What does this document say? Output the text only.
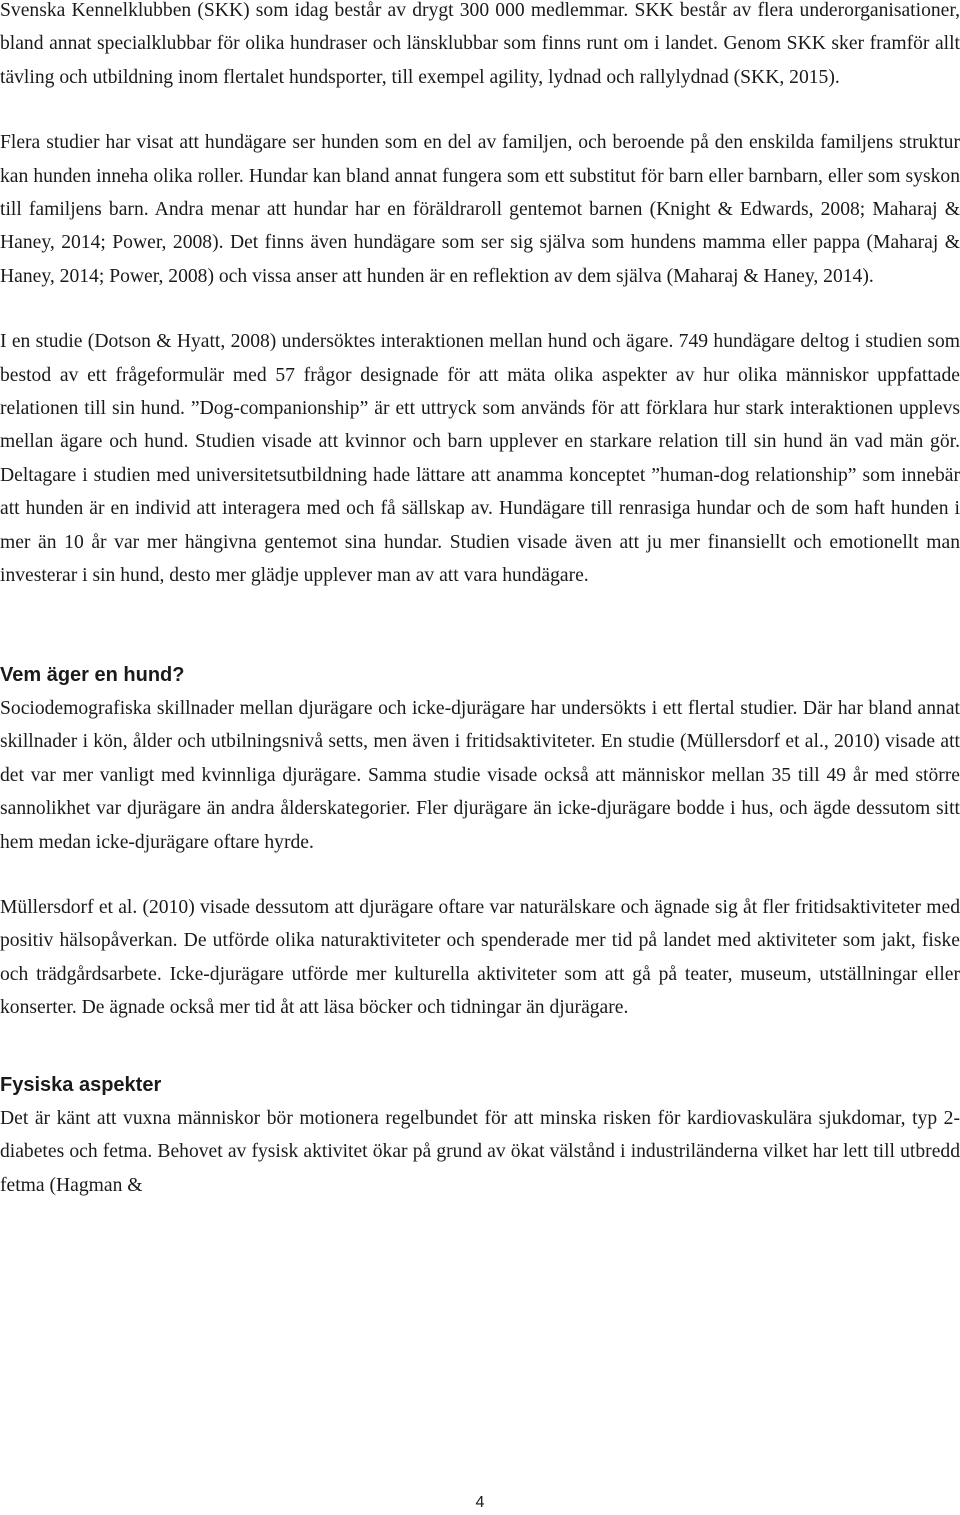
Svenska Kennelklubben (SKK) som idag består av drygt 300 000 medlemmar. SKK består av flera underorganisationer, bland annat specialklubbar för olika hundraser och länsklubbar som finns runt om i landet. Genom SKK sker framför allt tävling och utbildning inom flertalet hundsporter, till exempel agility, lydnad och rallylydnad (SKK, 2015).

Flera studier har visat att hundägare ser hunden som en del av familjen, och beroende på den enskilda familjens struktur kan hunden inneha olika roller. Hundar kan bland annat fungera som ett substitut för barn eller barnbarn, eller som syskon till familjens barn. Andra menar att hundar har en föräldraroll gentemot barnen (Knight & Edwards, 2008; Maharaj & Haney, 2014; Power, 2008). Det finns även hundägare som ser sig själva som hundens mamma eller pappa (Maharaj & Haney, 2014; Power, 2008) och vissa anser att hunden är en reflektion av dem själva (Maharaj & Haney, 2014).

I en studie (Dotson & Hyatt, 2008) undersöktes interaktionen mellan hund och ägare. 749 hundägare deltog i studien som bestod av ett frågeformulär med 57 frågor designade för att mäta olika aspekter av hur olika människor uppfattade relationen till sin hund. ”Dog-companionship” är ett uttryck som används för att förklara hur stark interaktionen upplevs mellan ägare och hund. Studien visade att kvinnor och barn upplever en starkare relation till sin hund än vad män gör. Deltagare i studien med universitetsutbildning hade lättare att anamma konceptet ”human-dog relationship” som innebär att hunden är en individ att interagera med och få sällskap av. Hundägare till renrasiga hundar och de som haft hunden i mer än 10 år var mer hängivna gentemot sina hundar. Studien visade även att ju mer finansiellt och emotionellt man investerar i sin hund, desto mer glädje upplever man av att vara hundägare.

Vem äger en hund?

Sociodemografiska skillnader mellan djurägare och icke-djurägare har undersökts i ett flertal studier. Där har bland annat skillnader i kön, ålder och utbilningsnivå setts, men även i fritidsaktiviteter. En studie (Müllersdorf et al., 2010) visade att det var mer vanligt med kvinnliga djurägare. Samma studie visade också att människor mellan 35 till 49 år med större sannolikhet var djurägare än andra ålderskategorier. Fler djurägare än icke-djurägare bodde i hus, och ägde dessutom sitt hem medan icke-djurägare oftare hyrde.

Müllersdorf et al. (2010) visade dessutom att djurägare oftare var naturälskare och ägnade sig åt fler fritidsaktiviteter med positiv hälsopåverkan. De utförde olika naturaktiviteter och spenderade mer tid på landet med aktiviteter som jakt, fiske och trädgårdsarbete. Icke-djurägare utförde mer kulturella aktiviteter som att gå på teater, museum, utställningar eller konserter. De ägnade också mer tid åt att läsa böcker och tidningar än djurägare.

Fysiska aspekter

Det är känt att vuxna människor bör motionera regelbundet för att minska risken för kardiovaskulära sjukdomar, typ 2-diabetes och fetma. Behovet av fysisk aktivitet ökar på grund av ökat välstånd i industriländerna vilket har lett till utbredd fetma (Hagman &

4
